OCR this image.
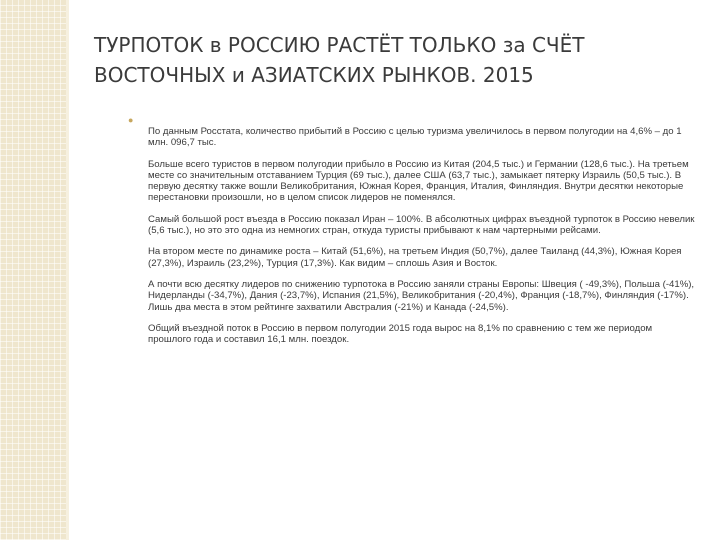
ТУРПОТОК в РОССИЮ РАСТЁТ ТОЛЬКО за СЧЁТ ВОСТОЧНЫХ и АЗИАТСКИХ РЫНКОВ. 2015
●

По данным Росстата, количество прибытий в Россию с целью туризма увеличилось в первом полугодии на 4,6% – до 1 млн. 096,7 тыс.

Больше всего туристов в первом полугодии прибыло в Россию из Китая (204,5 тыс.) и Германии (128,6 тыс.). На третьем месте со значительным отставанием Турция (69 тыс.), далее США (63,7 тыс.), замыкает пятерку Израиль (50,5 тыс.). В первую десятку также вошли Великобритания, Южная Корея, Франция, Италия, Финляндия. Внутри десятки некоторые перестановки произошли, но в целом список лидеров не поменялся.

Самый большой рост въезда в Россию показал Иран – 100%. В абсолютных цифрах въездной турпоток в Россию невелик (5,6 тыс.), но это это одна из немногих стран, откуда туристы прибывают к нам чартерными рейсами.

На втором месте по динамике роста – Китай (51,6%), на третьем Индия (50,7%), далее Таиланд (44,3%), Южная Корея (27,3%), Израиль (23,2%), Турция (17,3%). Как видим – сплошь Азия и Восток.

А почти всю десятку лидеров по снижению турпотока в Россию заняли страны Европы: Швеция ( -49,3%), Польша (-41%), Нидерланды (-34,7%), Дания (-23,7%), Испания (21,5%), Великобритания (-20,4%), Франция (-18,7%), Финляндия (-17%). Лишь два места в этом рейтинге захватили Австралия (-21%) и Канада (-24,5%).

Общий въездной поток в Россию в первом полугодии 2015 года вырос на 8,1% по сравнению с тем же периодом прошлого года и составил 16,1 млн. поездок.
